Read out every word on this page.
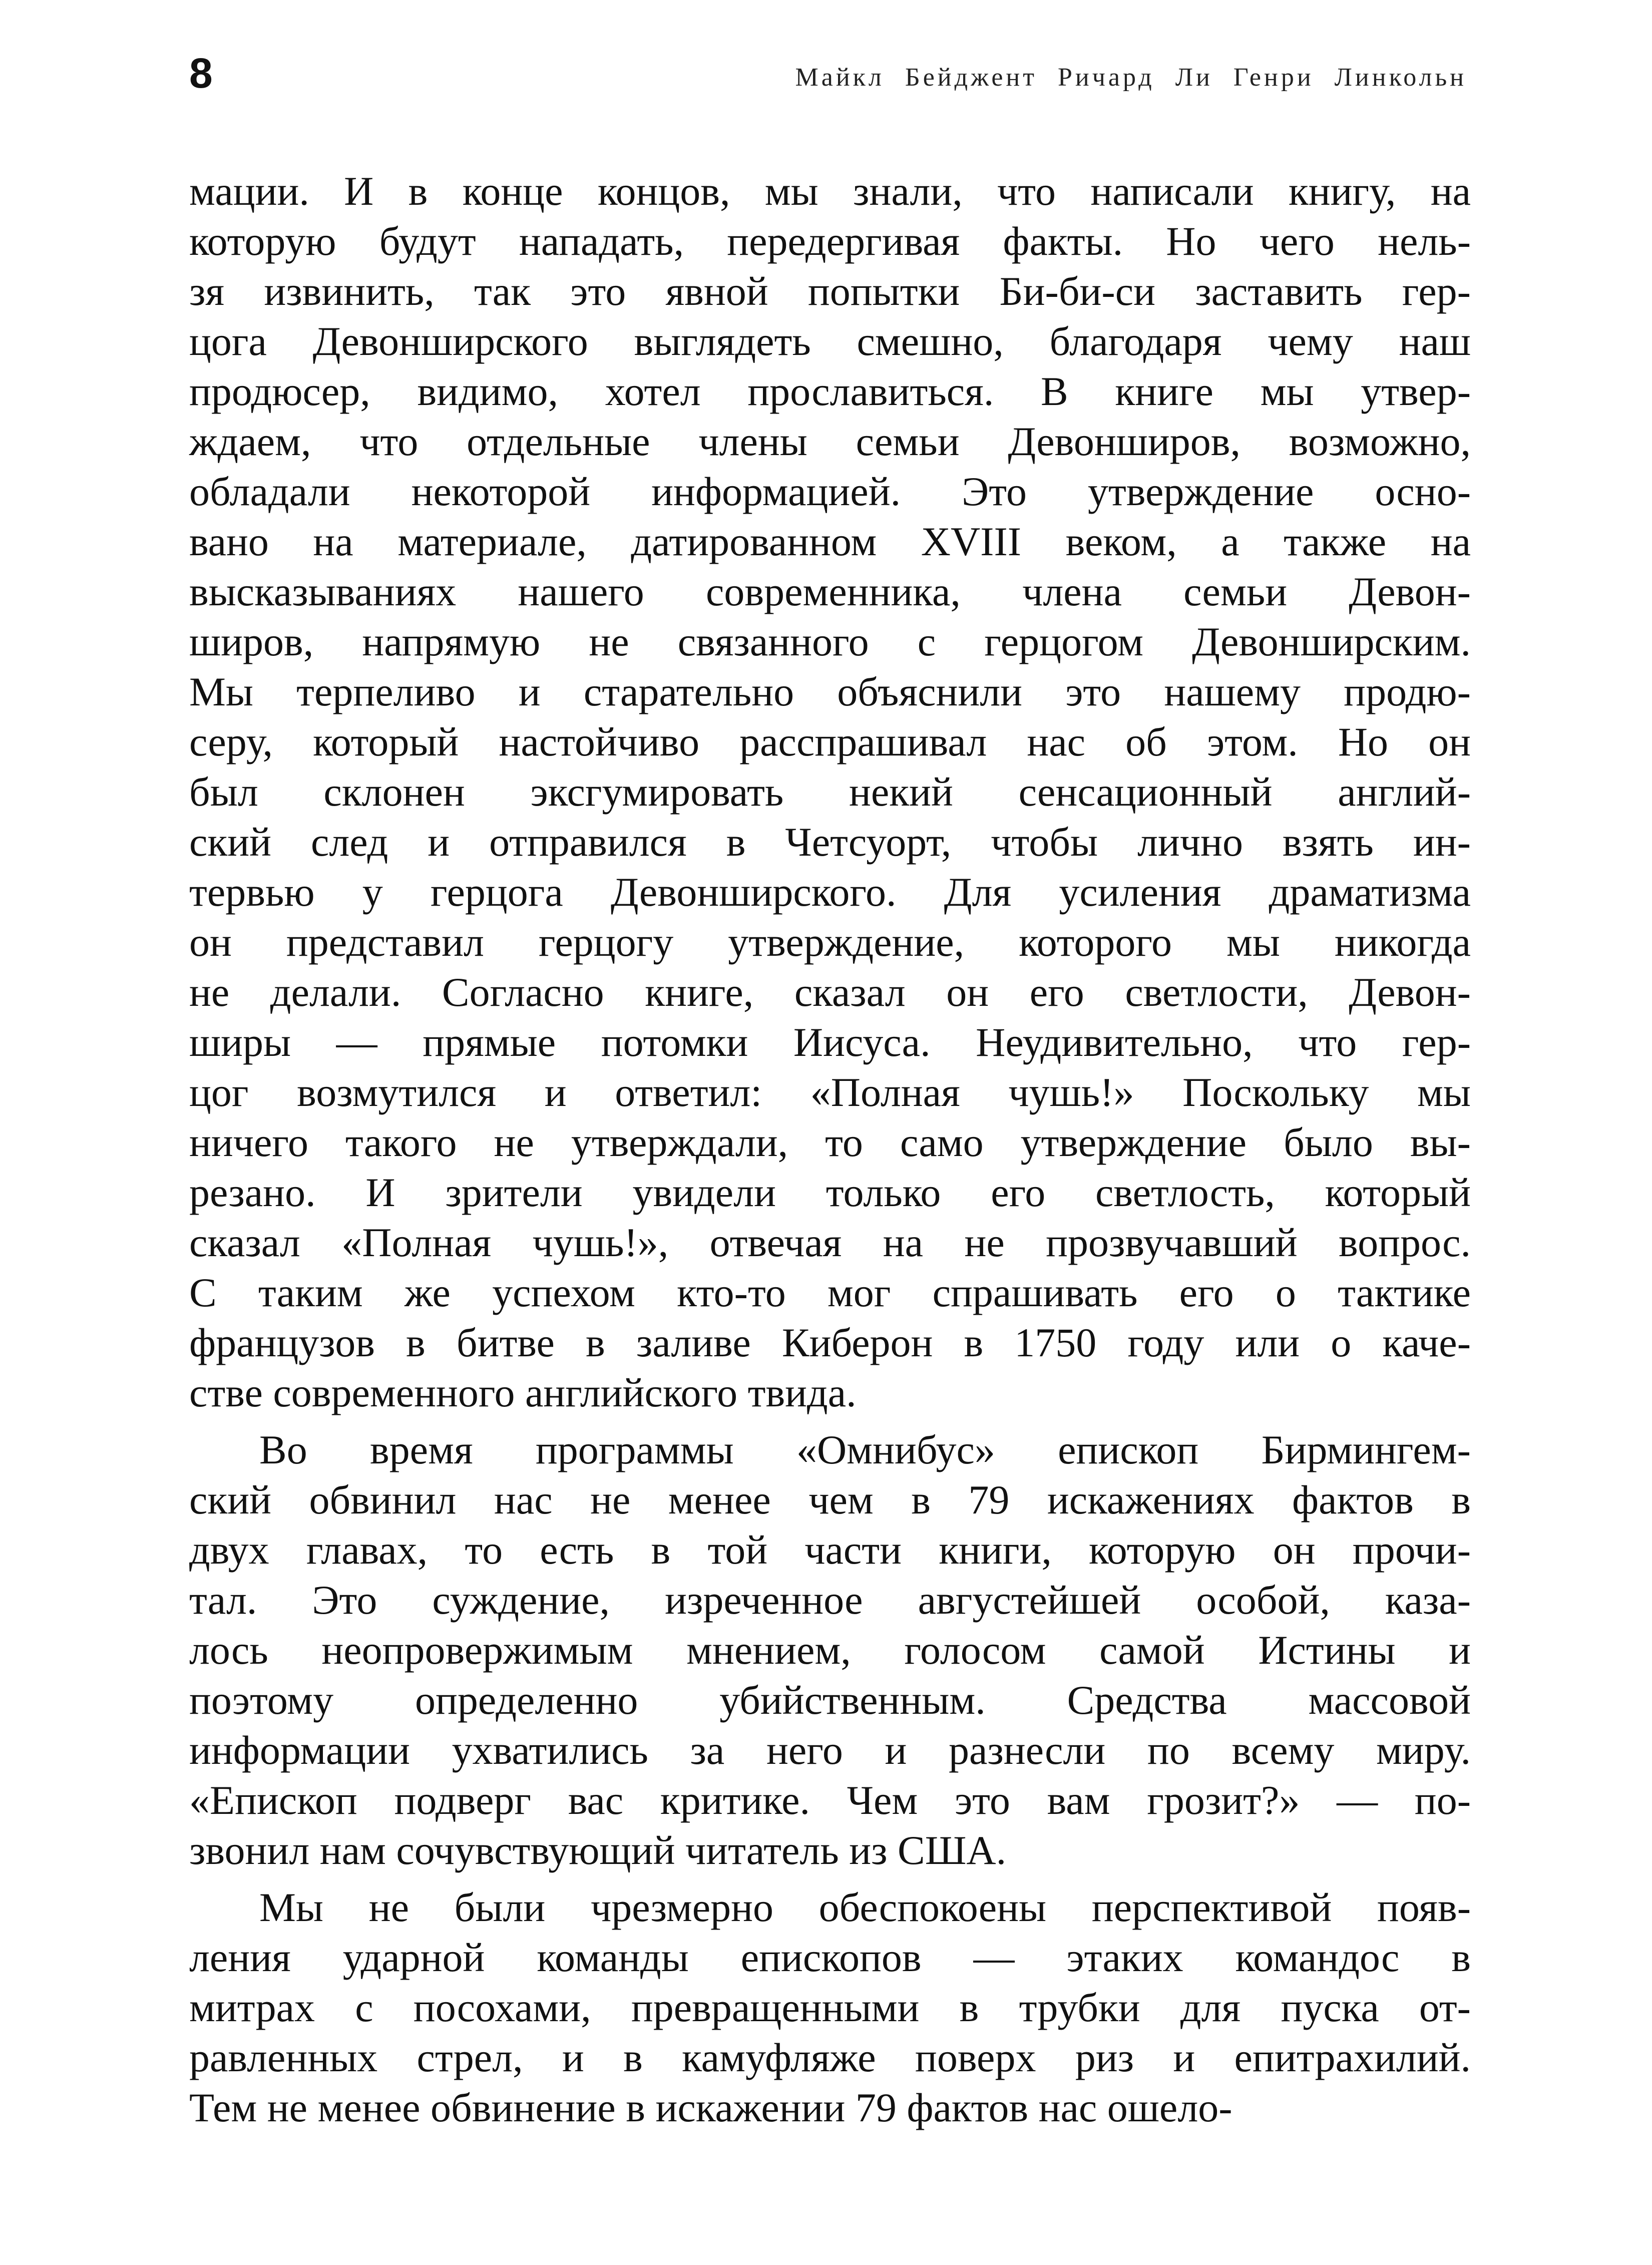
8	Майкл Бейджент Ричард Ли Генри Линкольн
мации. И в конце концов, мы знали, что написали книгу, на
которую будут нападать, передергивая факты. Но чего нель-
зя извинить, так это явной попытки Би-би-си заставить гер-
цога Девонширского выглядеть смешно, благодаря чему наш
продюсер, видимо, хотел прославиться. В книге мы утвер-
ждаем, что отдельные члены семьи Девонширов, возможно,
обладали некоторой информацией. Это утверждение осно-
вано на материале, датированном XVIII веком, а также на
высказываниях нашего современника, члена семьи Девон-
широв, напрямую не связанного с герцогом Девонширским.
Мы терпеливо и старательно объяснили это нашему продю-
серу, который настойчиво расспрашивал нас об этом. Но он
был склонен эксгумировать некий сенсационный англий-
ский след и отправился в Четсуорт, чтобы лично взять ин-
тервью у герцога Девонширского. Для усиления драматизма
он представил герцогу утверждение, которого мы никогда
не делали. Согласно книге, сказал он его светлости, Девон-
ширы — прямые потомки Иисуса. Неудивительно, что гер-
цог возмутился и ответил: «Полная чушь!» Поскольку мы
ничего такого не утверждали, то само утверждение было вы-
резано. И зрители увидели только его светлость, который
сказал «Полная чушь!», отвечая на не прозвучавший вопрос.
С таким же успехом кто-то мог спрашивать его о тактике
французов в битве в заливе Киберон в 1750 году или о каче-
стве современного английского твида.
Во время программы «Омнибус» епископ Бирмингем-
ский обвинил нас не менее чем в 79 искажениях фактов в
двух главах, то есть в той части книги, которую он прочи-
тал. Это суждение, изреченное августейшей особой, каза-
лось неопровержимым мнением, голосом самой Истины и
поэтому определенно убийственным. Средства массовой
информации ухватились за него и разнесли по всему миру.
«Епископ подверг вас критике. Чем это вам грозит?» — по-
звонил нам сочувствующий читатель из США.
Мы не были чрезмерно обеспокоены перспективой появ-
ления ударной команды епископов — этаких командос в
митрах с посохами, превращенными в трубки для пуска от-
равленных стрел, и в камуфляже поверх риз и епитрахилий.
Тем не менее обвинение в искажении 79 фактов нас ошело-
